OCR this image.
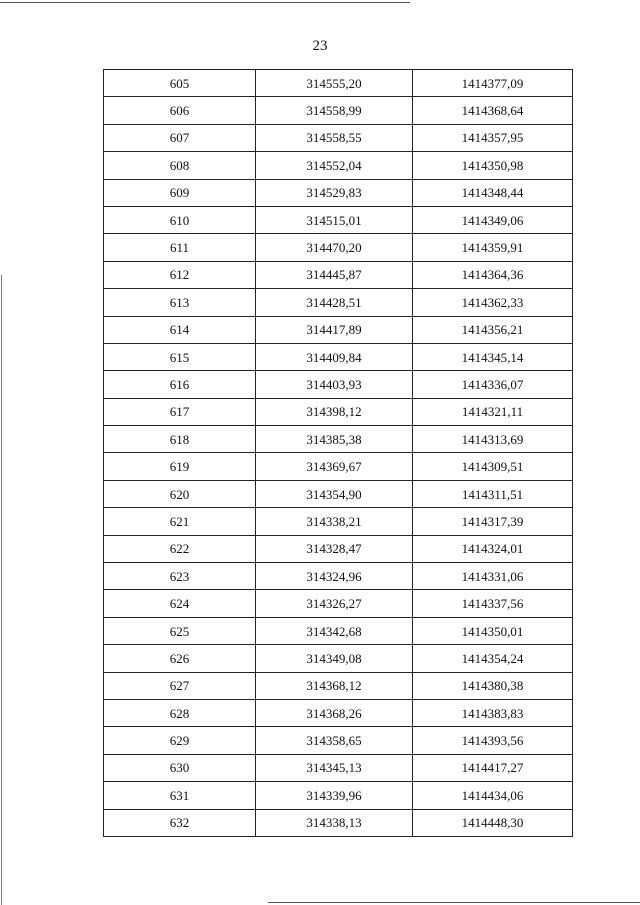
23
605	314555,20	1414377,09
606	314558,99	1414368,64
607	314558,55	1414357,95
608	314552,04	1414350,98
609	314529,83	1414348,44
610	314515,01	1414349,06
611	314470,20	1414359,91
612	314445,87	1414364,36
613	314428,51	1414362,33
614	314417,89	1414356,21
615	314409,84	1414345,14
616	314403,93	1414336,07
617	314398,12	1414321,11
618	314385,38	1414313,69
619	314369,67	1414309,51
620	314354,90	1414311,51
621	314338,21	1414317,39
622	314328,47	1414324,01
623	314324,96	1414331,06
624	314326,27	1414337,56
625	314342,68	1414350,01
626	314349,08	1414354,24
627	314368,12	1414380,38
628	314368,26	1414383,83
629	314358,65	1414393,56
630	314345,13	1414417,27
631	314339,96	1414434,06
632	314338,13	1414448,30
